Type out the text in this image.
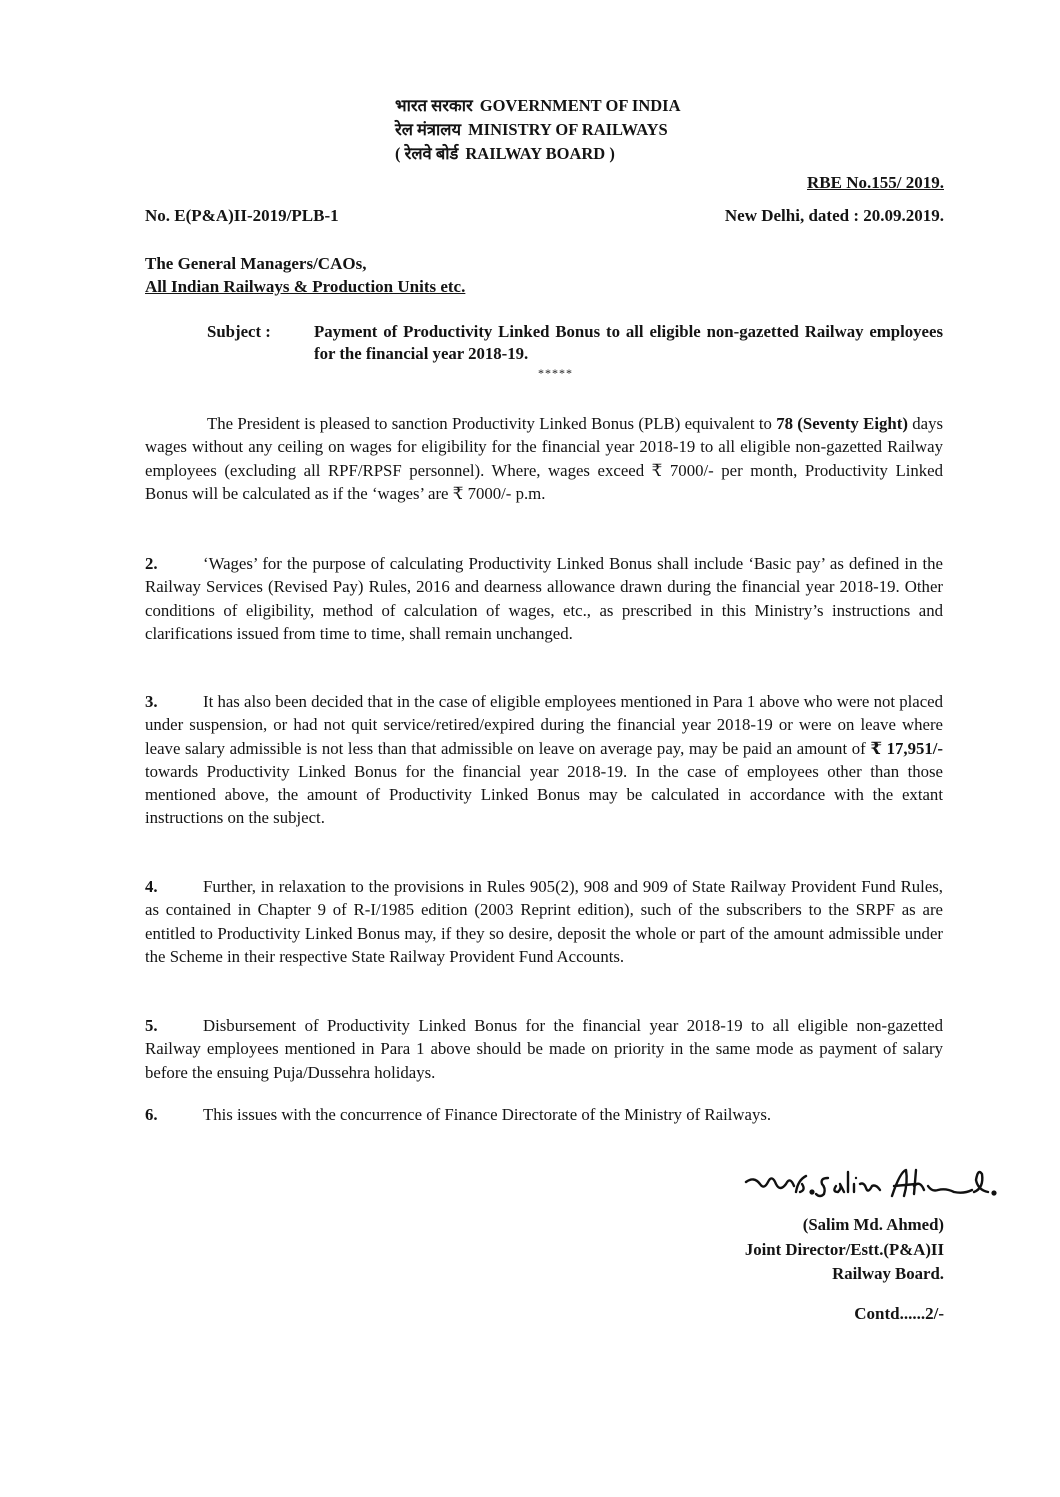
भारत सरकार GOVERNMENT OF INDIA
रेल मंत्रालय MINISTRY OF RAILWAYS
( रेलवे बोर्ड RAILWAY BOARD )
RBE No.155/ 2019.
No. E(P&A)II-2019/PLB-1	New Delhi, dated : 20.09.2019.
The General Managers/CAOs,
All Indian Railways & Production Units etc.
Subject :	Payment of Productivity Linked Bonus to all eligible non-gazetted Railway employees for the financial year 2018-19.
*****
The President is pleased to sanction Productivity Linked Bonus (PLB) equivalent to 78 (Seventy Eight) days wages without any ceiling on wages for eligibility for the financial year 2018-19 to all eligible non-gazetted Railway employees (excluding all RPF/RPSF personnel). Where, wages exceed ₹ 7000/- per month, Productivity Linked Bonus will be calculated as if the ‘wages’ are ₹ 7000/- p.m.
2.	‘Wages’ for the purpose of calculating Productivity Linked Bonus shall include ‘Basic pay’ as defined in the Railway Services (Revised Pay) Rules, 2016 and dearness allowance drawn during the financial year 2018-19. Other conditions of eligibility, method of calculation of wages, etc., as prescribed in this Ministry’s instructions and clarifications issued from time to time, shall remain unchanged.
3.	It has also been decided that in the case of eligible employees mentioned in Para 1 above who were not placed under suspension, or had not quit service/retired/expired during the financial year 2018-19 or were on leave where leave salary admissible is not less than that admissible on leave on average pay, may be paid an amount of ₹ 17,951/- towards Productivity Linked Bonus for the financial year 2018-19. In the case of employees other than those mentioned above, the amount of Productivity Linked Bonus may be calculated in accordance with the extant instructions on the subject.
4.	Further, in relaxation to the provisions in Rules 905(2), 908 and 909 of State Railway Provident Fund Rules, as contained in Chapter 9 of R-I/1985 edition (2003 Reprint edition), such of the subscribers to the SRPF as are entitled to Productivity Linked Bonus may, if they so desire, deposit the whole or part of the amount admissible under the Scheme in their respective State Railway Provident Fund Accounts.
5.	Disbursement of Productivity Linked Bonus for the financial year 2018-19 to all eligible non-gazetted Railway employees mentioned in Para 1 above should be made on priority in the same mode as payment of salary before the ensuing Puja/Dussehra holidays.
6.	This issues with the concurrence of Finance Directorate of the Ministry of Railways.
(Salim Md. Ahmed)
Joint Director/Estt.(P&A)II
Railway Board.
Contd......2/-
